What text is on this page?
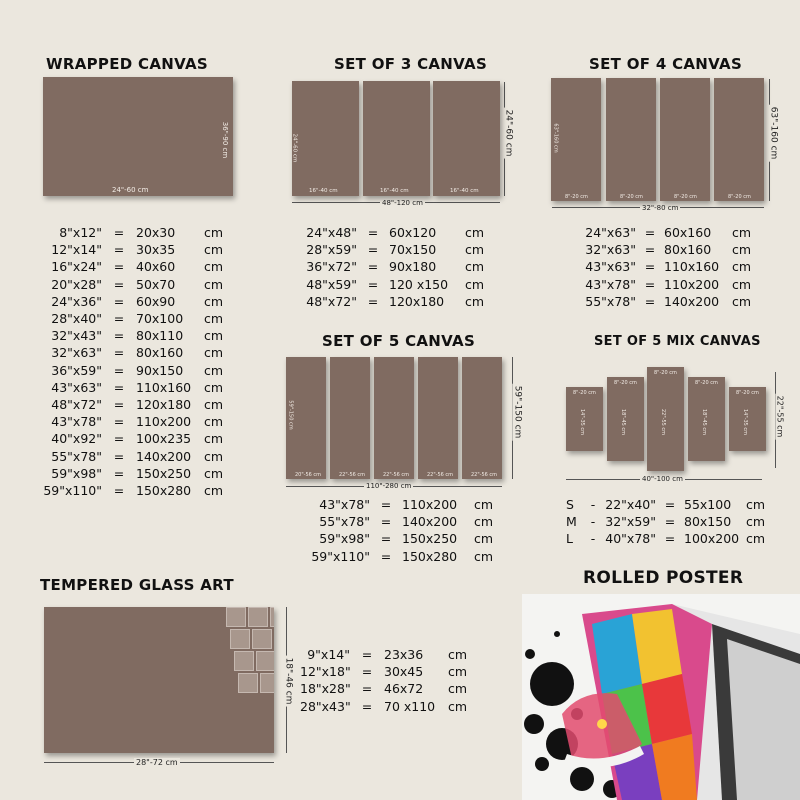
WRAPPED CANVAS
24"-60 cm
36"-90 cm
8"x12" = 20x30	cm
12"x14" = 30x35	cm
16"x24" = 40x60	cm
20"x28" = 50x70	cm
24"x36" = 60x90	cm
28"x40" = 70x100	cm
32"x43" = 80x110	cm
32"x63" = 80x160	cm
36"x59" = 90x150	cm
43"x63" = 110x160	cm
48"x72" = 120x180	cm
43"x78" = 110x200	cm
40"x92" = 100x235	cm
55"x78" = 140x200	cm
59"x98" = 150x250	cm
59"x110" = 150x280	cm
SET OF 3 CANVAS
48"-120 cm
24"-60 cm
24"x48" = 60x120	cm
28"x59" = 70x150	cm
36"x72" = 90x180	cm
48"x59" = 120 x150	cm
48"x72" = 120x180	cm
SET OF 4 CANVAS
32"-80 cm
63"-160 cm
24"x63" = 60x160	cm
32"x63" = 80x160	cm
43"x63" = 110x160	cm
43"x78" = 110x200	cm
55"x78" = 140x200	cm
SET OF 5 CANVAS
110"-280 cm
59"-150 cm
43"x78" = 110x200	cm
55"x78" = 140x200	cm
59"x98" = 150x250	cm
59"x110" = 150x280	cm
SET OF 5 MIX CANVAS
40"-100 cm
22"-55 cm
S	- 22"x40" = 55x100	cm
M	- 32"x59" = 80x150	cm
L	- 40"x78" = 100x200 cm
TEMPERED GLASS ART
28"-72 cm
18"-46 cm
9"x14" = 23x36	cm
12"x18" = 30x45	cm
18"x28" = 46x72	cm
28"x43" = 70 x110	cm
ROLLED POSTER
16"-40 cm	16"-40 cm	16"-40 cm
24"-60 cm
8"-20 cm	8"-20 cm	8"-20 cm	8"-20 cm
63"-160 cm
20"-56 cm	22"-56 cm	22"-56 cm	22"-56 cm	22"-56 cm
59"-150 cm
8"-20 cm
14"-35 cm
8"-20 cm
18"-45 cm
8"-20 cm
22"-55 cm
8"-20 cm
18"-45 cm
8"-20 cm
14"-35 cm
